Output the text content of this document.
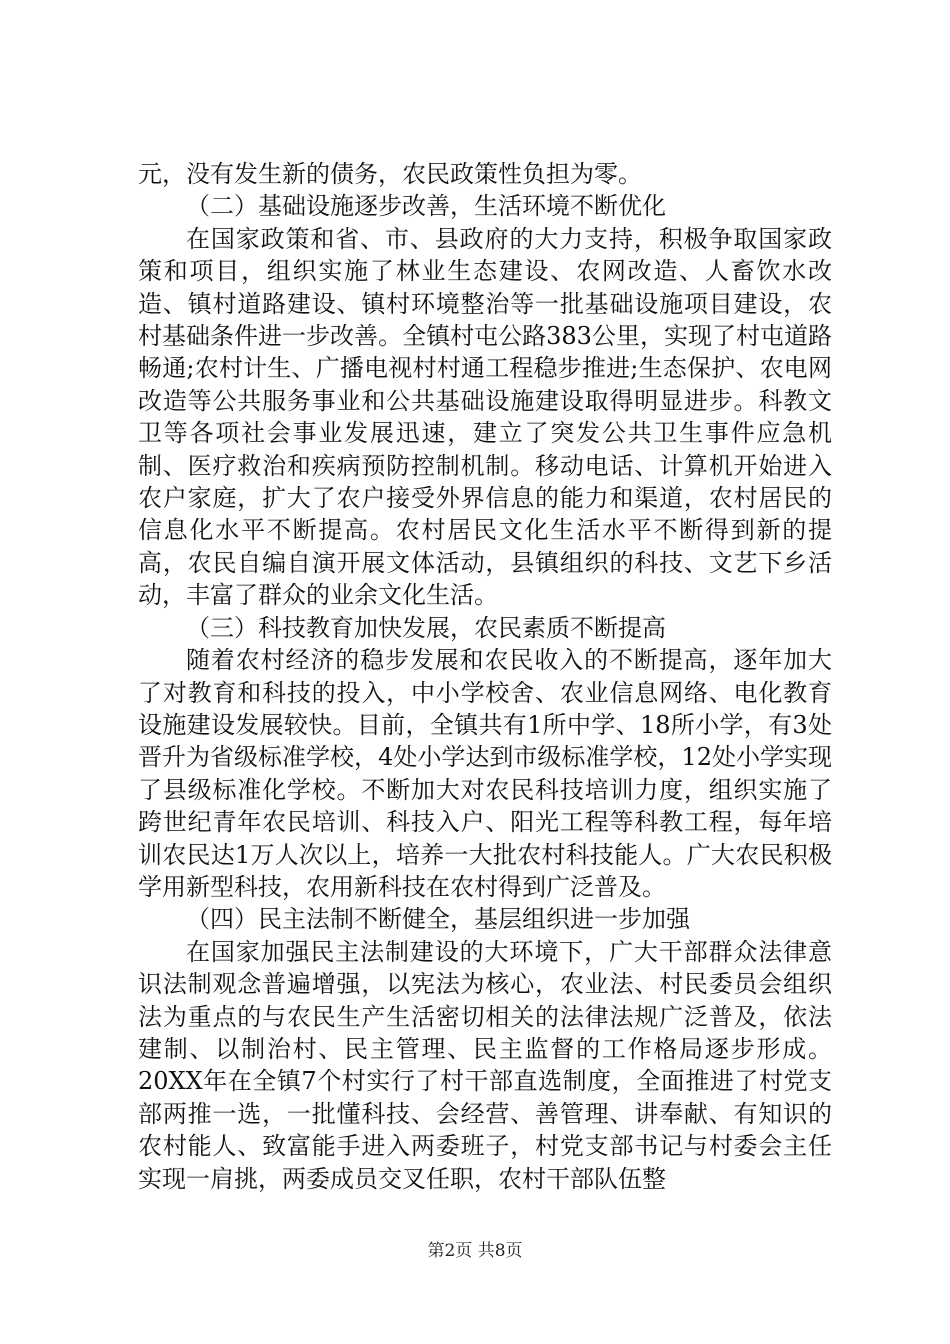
元，没有发生新的债务，农民政策性负担为零。

（二）基础设施逐步改善，生活环境不断优化

在国家政策和省、市、县政府的大力支持，积极争取国家政策和项目，组织实施了林业生态建设、农网改造、人畜饮水改造、镇村道路建设、镇村环境整治等一批基础设施项目建设，农村基础条件进一步改善。全镇村屯公路383公里，实现了村屯道路畅通;农村计生、广播电视村村通工程稳步推进;生态保护、农电网改造等公共服务事业和公共基础设施建设取得明显进步。科教文卫等各项社会事业发展迅速，建立了突发公共卫生事件应急机制、医疗救治和疾病预防控制机制。移动电话、计算机开始进入农户家庭，扩大了农户接受外界信息的能力和渠道，农村居民的信息化水平不断提高。农村居民文化生活水平不断得到新的提高，农民自编自演开展文体活动，县镇组织的科技、文艺下乡活动，丰富了群众的业余文化生活。

（三）科技教育加快发展，农民素质不断提高

随着农村经济的稳步发展和农民收入的不断提高，逐年加大了对教育和科技的投入，中小学校舍、农业信息网络、电化教育设施建设发展较快。目前，全镇共有1所中学、18所小学，有3处晋升为省级标准学校，4处小学达到市级标准学校，12处小学实现了县级标准化学校。不断加大对农民科技培训力度，组织实施了跨世纪青年农民培训、科技入户、阳光工程等科教工程，每年培训农民达1万人次以上，培养一大批农村科技能人。广大农民积极学用新型科技，农用新科技在农村得到广泛普及。

（四）民主法制不断健全，基层组织进一步加强

在国家加强民主法制建设的大环境下，广大干部群众法律意识法制观念普遍增强，以宪法为核心，农业法、村民委员会组织法为重点的与农民生产生活密切相关的法律法规广泛普及，依法建制、以制治村、民主管理、民主监督的工作格局逐步形成。20XX年在全镇7个村实行了村干部直选制度，全面推进了村党支部两推一选，一批懂科技、会经营、善管理、讲奉献、有知识的农村能人、致富能手进入两委班子，村党支部书记与村委会主任实现一肩挑，两委成员交叉任职，农村干部队伍整

第2页 共8页
